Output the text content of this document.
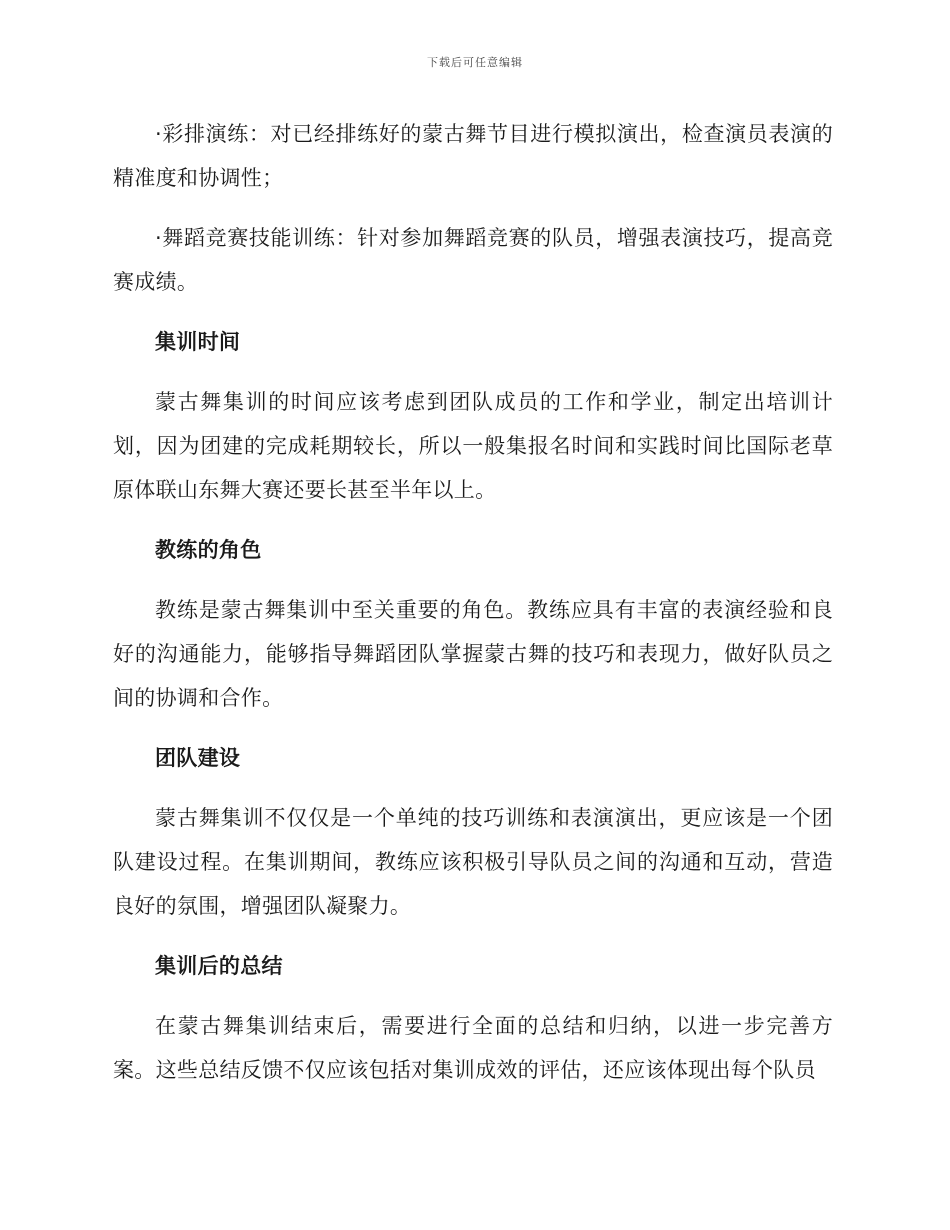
下载后可任意编辑

·彩排演练：对已经排练好的蒙古舞节目进行模拟演出，检查演员表演的精准度和协调性；

·舞蹈竞赛技能训练：针对参加舞蹈竞赛的队员，增强表演技巧，提高竞赛成绩。

集训时间

蒙古舞集训的时间应该考虑到团队成员的工作和学业，制定出培训计划，因为团建的完成耗期较长，所以一般集报名时间和实践时间比国际老草原体联山东舞大赛还要长甚至半年以上。

教练的角色

教练是蒙古舞集训中至关重要的角色。教练应具有丰富的表演经验和良好的沟通能力，能够指导舞蹈团队掌握蒙古舞的技巧和表现力，做好队员之间的协调和合作。

团队建设

蒙古舞集训不仅仅是一个单纯的技巧训练和表演演出，更应该是一个团队建设过程。在集训期间，教练应该积极引导队员之间的沟通和互动，营造良好的氛围，增强团队凝聚力。

集训后的总结

在蒙古舞集训结束后，需要进行全面的总结和归纳，以进一步完善方案。这些总结反馈不仅应该包括对集训成效的评估，还应该体现出每个队员
